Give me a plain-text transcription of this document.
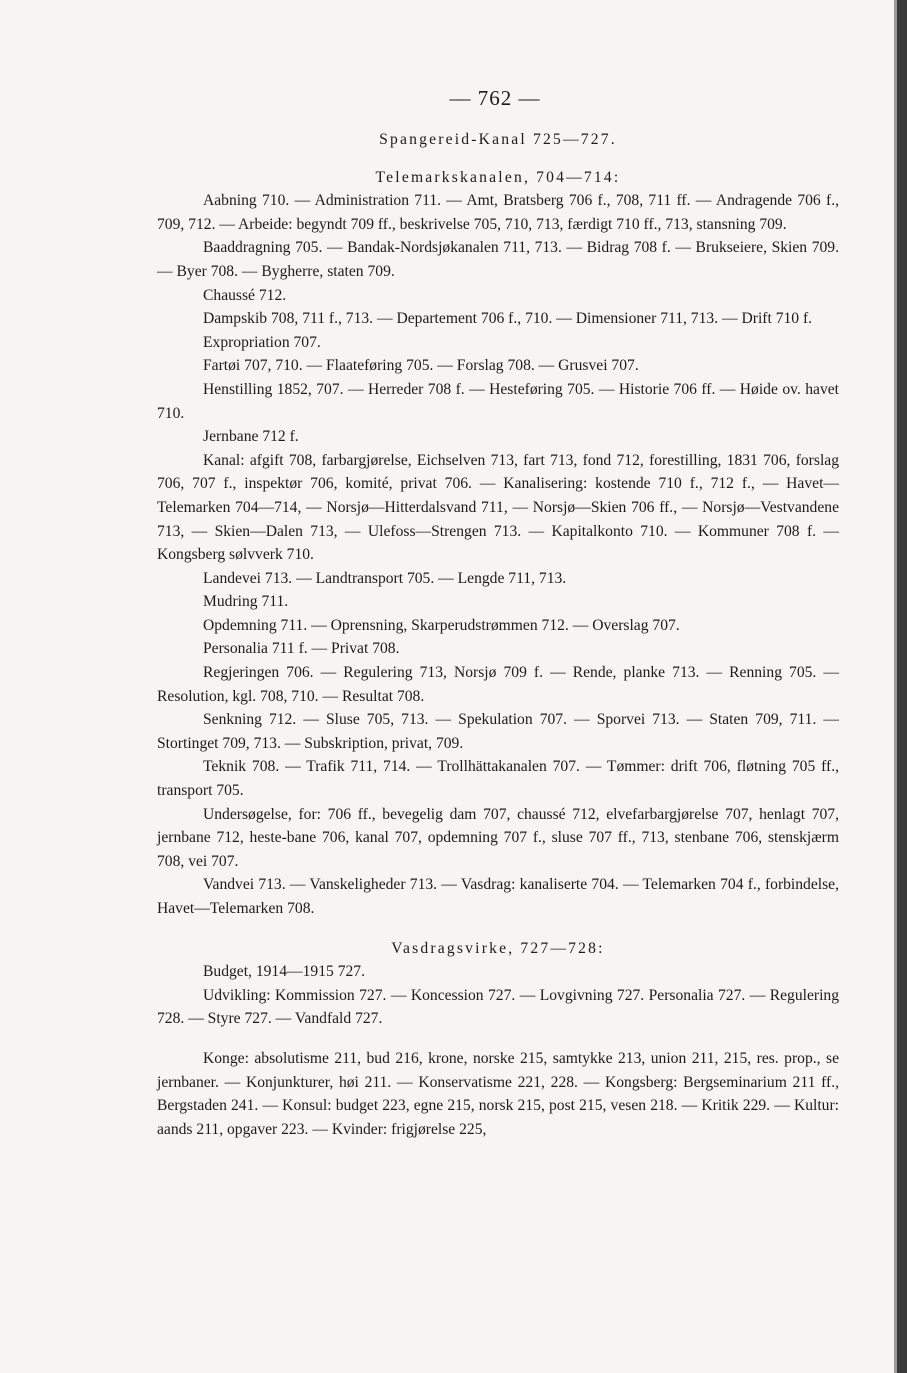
— 762 —

Spangereid-Kanal 725—727.

Telemarkskanalen, 704—714:

Aabning 710. — Administration 711. — Amt, Bratsberg 706 f., 708, 711 ff. — Andragende 706 f., 709, 712. — Arbeide: begyndt 709 ff., beskrivelse 705, 710, 713, færdigt 710 ff., 713, stansning 709.

Baaddragning 705. — Bandak-Nordsjøkanalen 711, 713. — Bidrag 708 f. — Brukseiere, Skien 709. — Byer 708. — Bygherre, staten 709.

Chaussé 712.

Dampskib 708, 711 f., 713. — Departement 706 f., 710. — Dimensioner 711, 713. — Drift 710 f.

Expropriation 707.

Fartøi 707, 710. — Flaateføring 705. — Forslag 708. — Grusvei 707.

Henstilling 1852, 707. — Herreder 708 f. — Hesteføring 705. — Historie 706 ff. — Høide ov. havet 710.

Jernbane 712 f.

Kanal: afgift 708, farbargjørelse, Eichselven 713, fart 713, fond 712, forestilling, 1831 706, forslag 706, 707 f., inspektør 706, komité, privat 706. — Kanalisering: kostende 710 f., 712 f., — Havet—Telemarken 704—714, — Norsjø—Hitterdalsvand 711, — Norsjø—Skien 706 ff., — Norsjø—Vestvandene 713, — Skien—Dalen 713, — Ulefoss—Strengen 713. — Kapitalkonto 710. — Kommuner 708 f. — Kongsberg sølvverk 710.

Landevei 713. — Landtransport 705. — Lengde 711, 713.

Mudring 711.

Opdemning 711. — Oprensning, Skarperudstrømmen 712. — Overslag 707.

Personalia 711 f. — Privat 708.

Regjeringen 706. — Regulering 713, Norsjø 709 f. — Rende, planke 713. — Renning 705. — Resolution, kgl. 708, 710. — Resultat 708.

Senkning 712. — Sluse 705, 713. — Spekulation 707. — Sporvei 713. — Staten 709, 711. — Stortinget 709, 713. — Subskription, privat, 709.

Teknik 708. — Trafik 711, 714. — Trollhättakanalen 707. — Tømmer: drift 706, fløtning 705 ff., transport 705.

Undersøgelse, for: 706 ff., bevegelig dam 707, chaussé 712, elvefarbargjørelse 707, henlagt 707, jernbane 712, heste-bane 706, kanal 707, opdemning 707 f., sluse 707 ff., 713, stenbane 706, stenskjærm 708, vei 707.

Vandvei 713. — Vanskeligheder 713. — Vasdrag: kanaliserte 704. — Telemarken 704 f., forbindelse, Havet—Telemarken 708.

Vasdragsvirke, 727—728:

Budget, 1914—1915 727.

Udvikling: Kommission 727. — Koncession 727. — Lovgivning 727. Personalia 727. — Regulering 728. — Styre 727. — Vandfald 727.

Konge: absolutisme 211, bud 216, krone, norske 215, samtykke 213, union 211, 215, res. prop., se jernbaner. — Konjunkturer, høi 211. — Konservatisme 221, 228. — Kongsberg: Bergseminarium 211 ff., Bergstaden 241. — Konsul: budget 223, egne 215, norsk 215, post 215, vesen 218. — Kritik 229. — Kultur: aands 211, opgaver 223. — Kvinder: frigjørelse 225,
